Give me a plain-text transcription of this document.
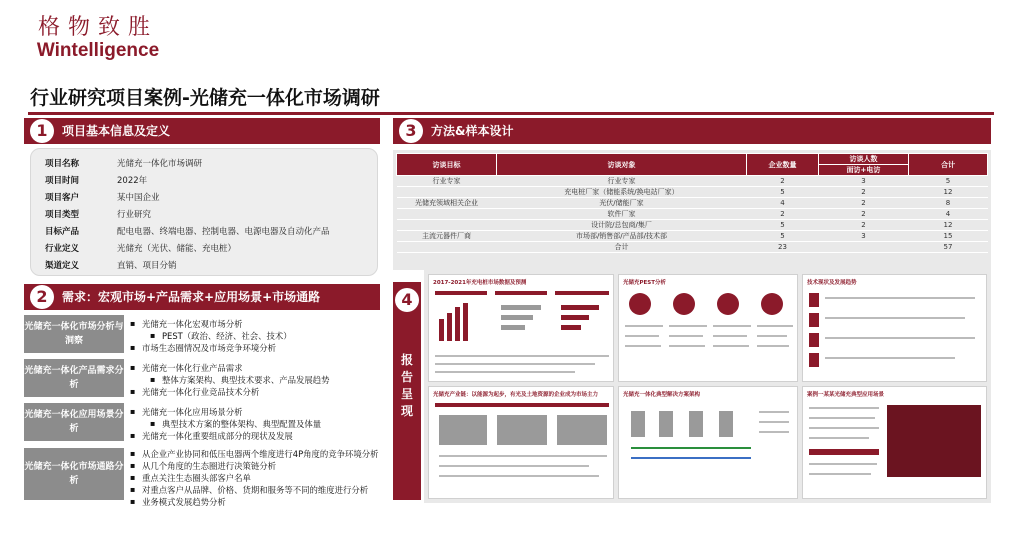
格物致胜
Wintelligence
行业研究项目案例-光储充一体化市场调研
1	项目基本信息及定义
项目名称	光储充一体化市场调研
项目时间	2022年
项目客户	某中国企业
项目类型	行业研究
目标产品	配电电器、终端电器、控制电器、电源电器及自动化产品
行业定义	光储充（光伏、储能、充电桩）
渠道定义	直销、项目分销
2	需求：宏观市场+产品需求+应用场景+市场通路
光储充一体化市场分析与洞察
▪ 光储充一体化宏观市场分析
▪ PEST（政治、经济、社会、技术）
▪ 市场生态圈情况及市场竞争环境分析
光储充一体化产品需求分析
▪ 光储充一体化行业产品需求
▪ 整体方案架构、典型技术要求、产品发展趋势
▪ 光储充一体化行业竞品技术分析
光储充一体化应用场景分析
▪ 光储充一体化应用场景分析
▪ 典型技术方案的整体架构、典型配置及体量
▪ 光储充一体化重要组成部分的现状及发展
光储充一体化市场通路分析
▪ 从企业产业协同和低压电器两个维度进行4P角度的竞争环境分析
▪ 从几个角度的生态圈进行决策链分析
▪ 重点关注生态圈头部客户名单
▪ 对重点客户从品牌、价格、货期和服务等不同的维度进行分析
▪ 业务模式发展趋势分析
3	方法&样本设计
访谈目标	访谈对象	企业数量	访谈人数	合计
			面访+电访	
行业专家	行业专家	2	3	5
	充电桩厂家（储能系统/换电站厂家）	5	2	12
光储充领域相关企业	光伏/储能厂家	4	2	8
	软件厂家	2	2	4
	设计院/总包商/集厂	5	2	12
主流元器件厂商	市场部/销售部/产品部/技术部	5	3	15
	合计	23		57
4
报
告
呈
现
2017-2021年充电桩市场数据及预测	光储充PEST分析	技术现状及发展趋势
光储充产业链：以能源为起步，有光及土地资源的企业成为市场主力	光储充一体化典型解决方案架构	案例一某某光储充典型应用场景
